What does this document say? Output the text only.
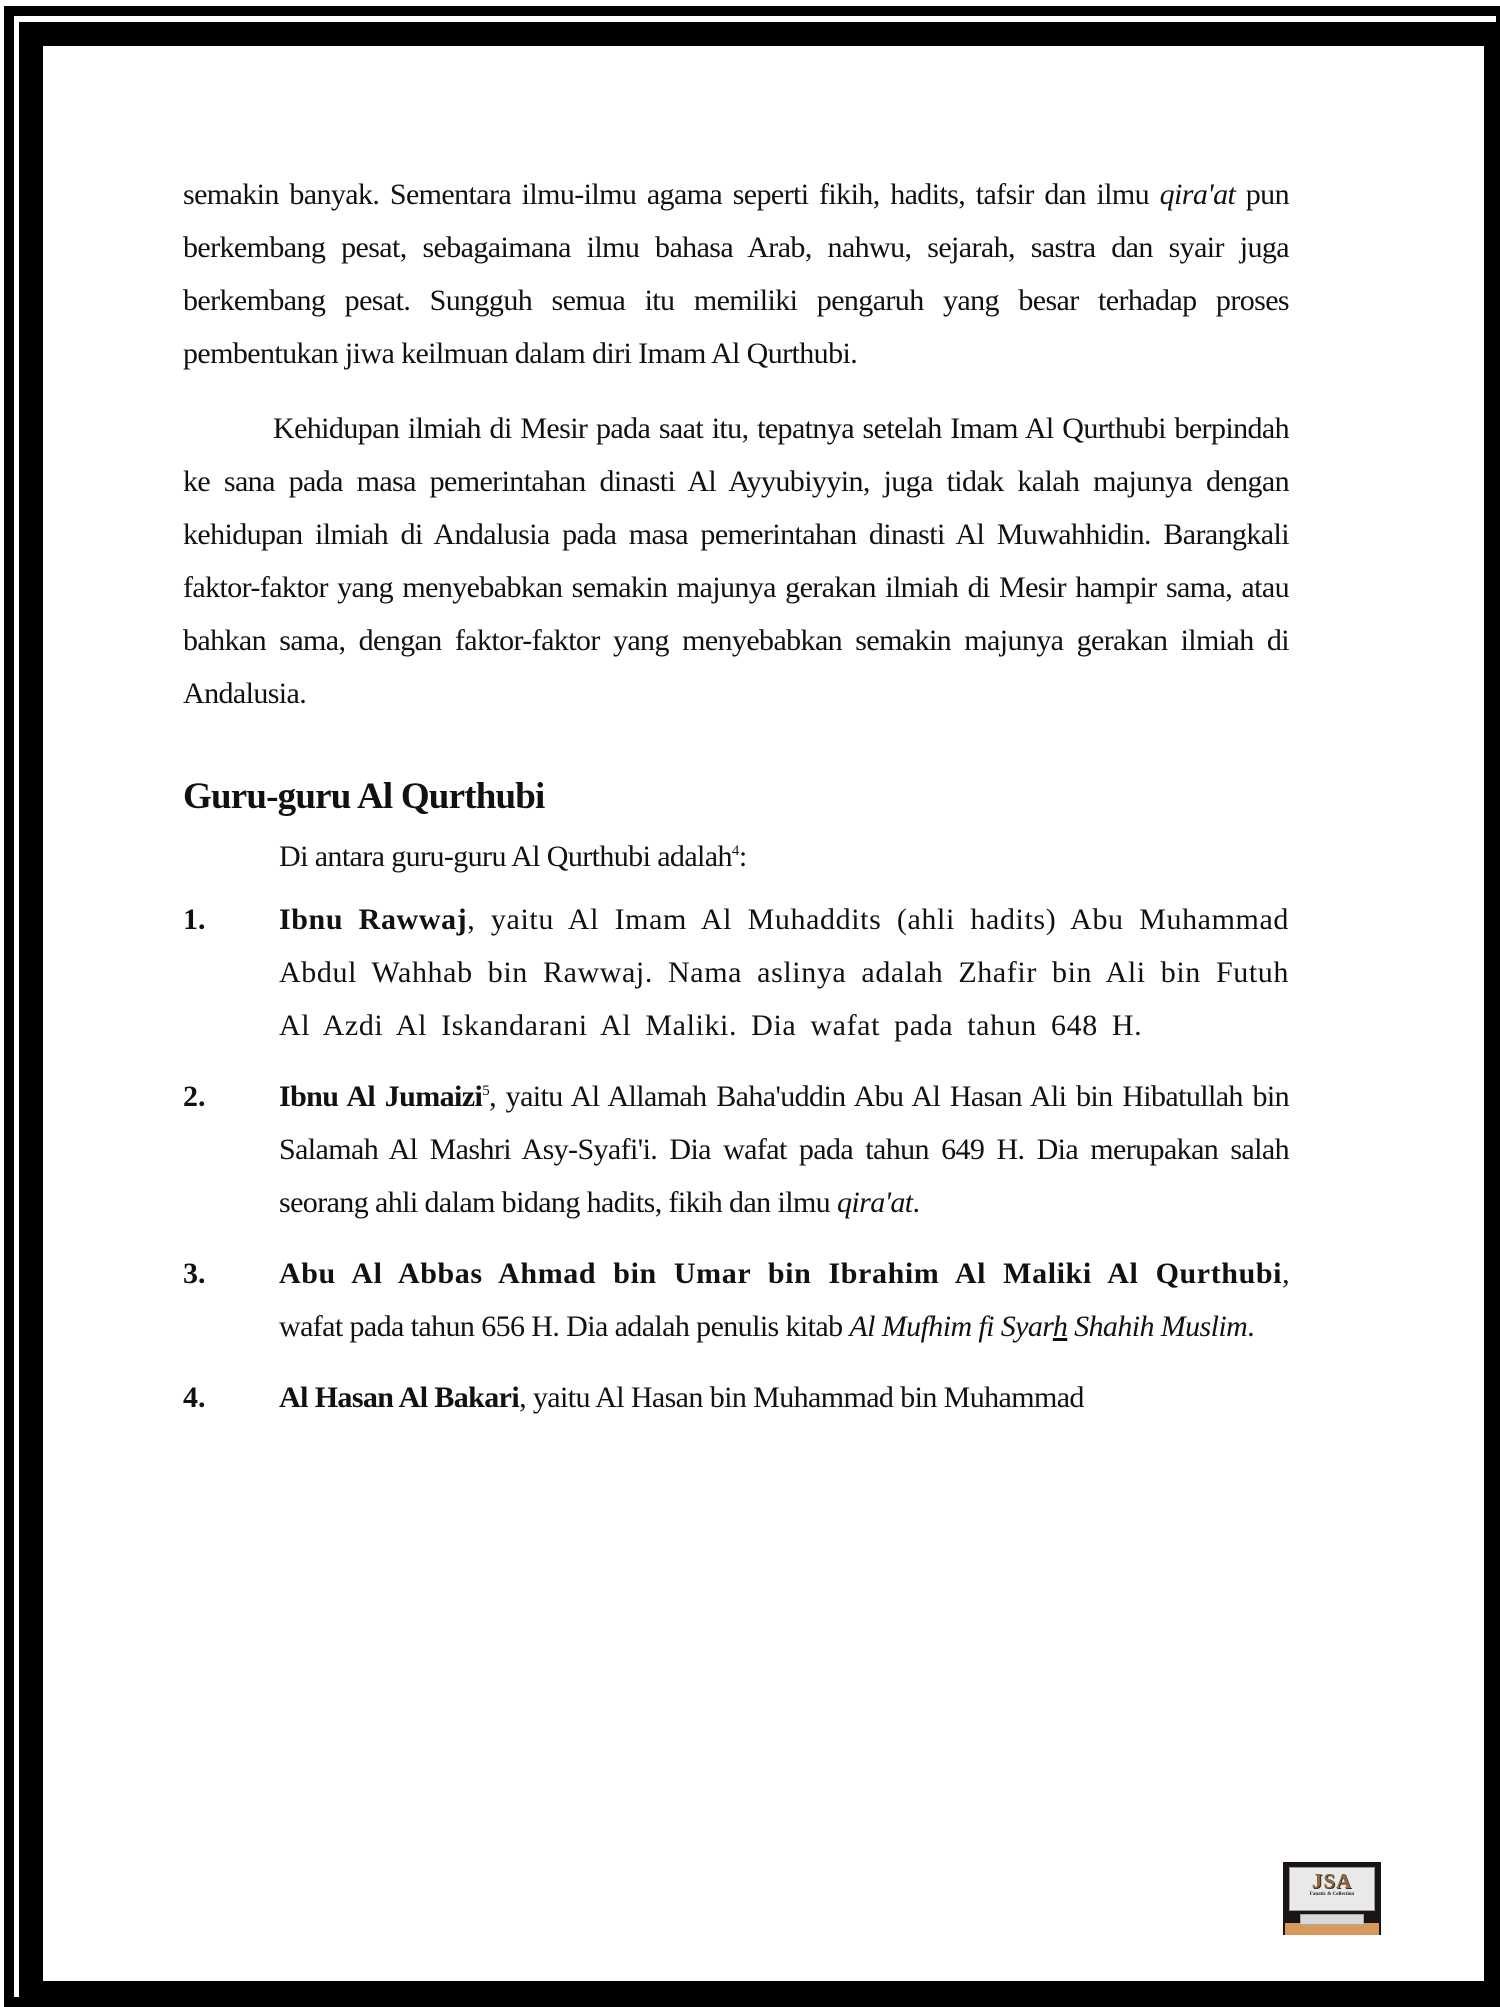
semakin banyak. Sementara ilmu-ilmu agama seperti fikih, hadits, tafsir dan ilmu qira'at pun berkembang pesat, sebagaimana ilmu bahasa Arab, nahwu, sejarah, sastra dan syair juga berkembang pesat. Sungguh semua itu memiliki pengaruh yang besar terhadap proses pembentukan jiwa keilmuan dalam diri Imam Al Qurthubi.

Kehidupan ilmiah di Mesir pada saat itu, tepatnya setelah Imam Al Qurthubi berpindah ke sana pada masa pemerintahan dinasti Al Ayyubiyyin, juga tidak kalah majunya dengan kehidupan ilmiah di Andalusia pada masa pemerintahan dinasti Al Muwahhidin. Barangkali faktor-faktor yang menyebabkan semakin majunya gerakan ilmiah di Mesir hampir sama, atau bahkan sama, dengan faktor-faktor yang menyebabkan semakin majunya gerakan ilmiah di Andalusia.

Guru-guru Al Qurthubi

Di antara guru-guru Al Qurthubi adalah$^4$:

1. Ibnu Rawwaj, yaitu Al Imam Al Muhaddits (ahli hadits) Abu Muhammad Abdul Wahhab bin Rawwaj. Nama aslinya adalah Zhafir bin Ali bin Futuh Al Azdi Al Iskandarani Al Maliki. Dia wafat pada tahun 648 H.

2. Ibnu Al Jumaizi$^5$, yaitu Al Allamah Baha'uddin Abu Al Hasan Ali bin Hibatullah bin Salamah Al Mashri Asy-Syafi'i. Dia wafat pada tahun 649 H. Dia merupakan salah seorang ahli dalam bidang hadits, fikih dan ilmu qira'at.

3. Abu Al Abbas Ahmad bin Umar bin Ibrahim Al Maliki Al Qurthubi, wafat pada tahun 656 H. Dia adalah penulis kitab Al Mufhim fi Syarh Shahih Muslim.

4. Al Hasan Al Bakari, yaitu Al Hasan bin Muhammad bin Muhammad

JSA
Fanatic & Collection
